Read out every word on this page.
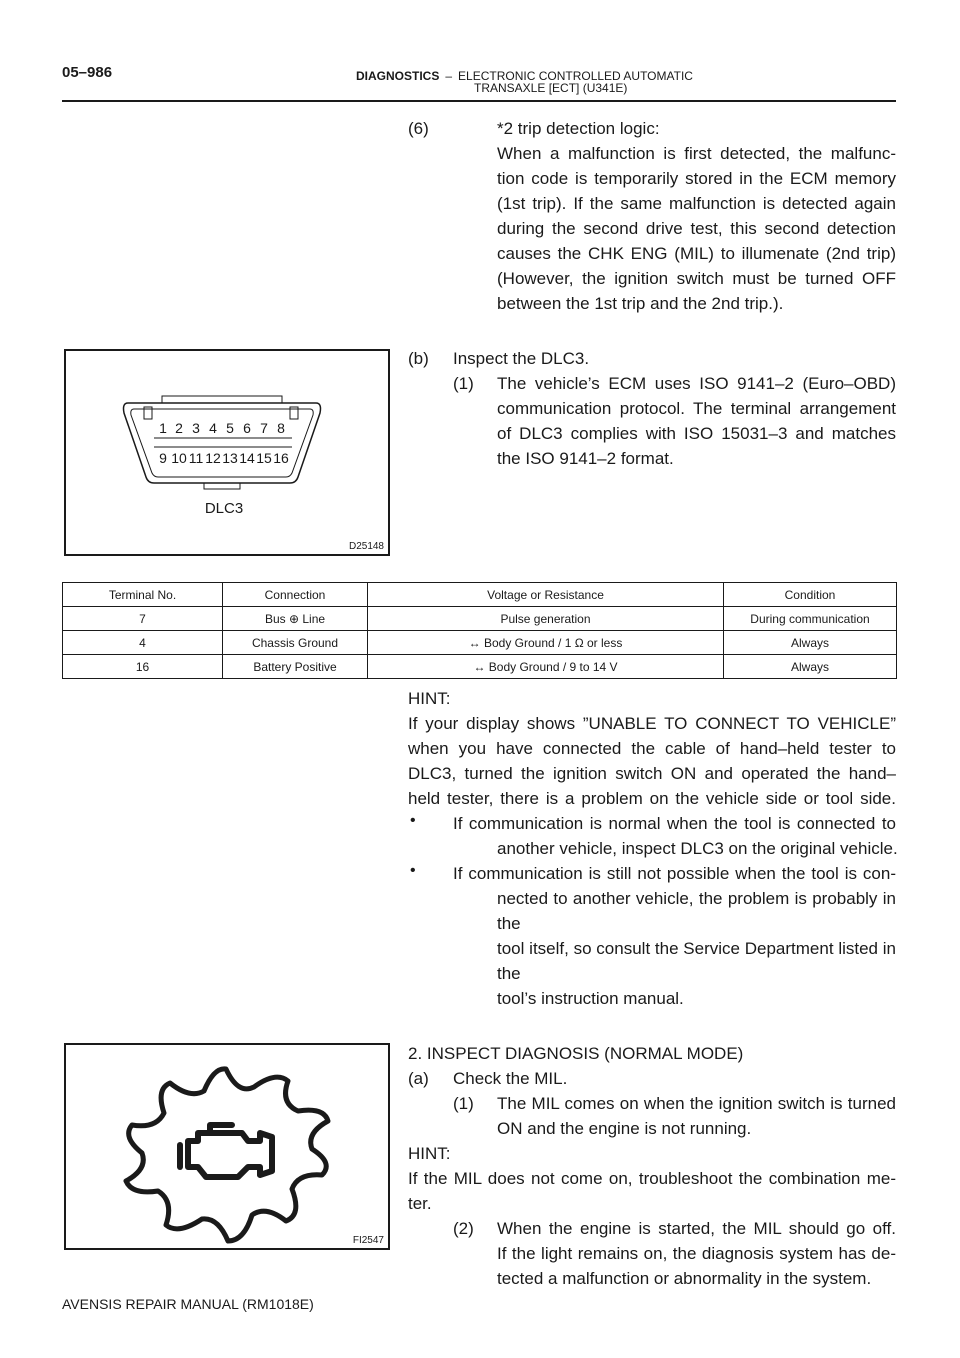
05–986	DIAGNOSTICS – ELECTRONIC CONTROLLED AUTOMATIC
TRANSAXLE [ECT] (U341E)
(6)	*2 trip detection logic:
When a malfunction is first detected, the malfunc-
tion code is temporarily stored in the ECM memory
(1st trip). If the same malfunction is detected again
during the second drive test, this second detection
causes the CHK ENG (MIL) to illumenate (2nd trip)
(However, the ignition switch must be turned OFF
between the 1st trip and the 2nd trip.).
1 2 3 4 5 6 7 8
9 10 11 12 13 14 15 16
DLC3
D25148
(b) Inspect the DLC3.
(1) The vehicle’s ECM uses ISO 9141–2 (Euro–OBD)
communication protocol. The terminal arrangement
of DLC3 complies with ISO 15031–3 and matches
the ISO 9141–2 format.
Terminal No.	Connection	Voltage or Resistance	Condition
7	Bus ⊕ Line	Pulse generation	During communication
4	Chassis Ground	↔ Body Ground / 1 Ω or less	Always
16	Battery Positive	↔ Body Ground / 9 to 14 V	Always
HINT:
If your display shows ”UNABLE TO CONNECT TO VEHICLE”
when you have connected the cable of hand–held tester to
DLC3, turned the ignition switch ON and operated the hand–
held tester, there is a problem on the vehicle side or tool side.
• If communication is normal when the tool is connected to
another vehicle, inspect DLC3 on the original vehicle.
• If communication is still not possible when the tool is con-
nected to another vehicle, the problem is probably in the
tool itself, so consult the Service Department listed in the
tool’s instruction manual.
FI2547
2. INSPECT DIAGNOSIS (NORMAL MODE)
(a) Check the MIL.
(1) The MIL comes on when the ignition switch is turned
ON and the engine is not running.
HINT:
If the MIL does not come on, troubleshoot the combination me-
ter.
(2) When the engine is started, the MIL should go off.
If the light remains on, the diagnosis system has de-
tected a malfunction or abnormality in the system.
AVENSIS REPAIR MANUAL (RM1018E)
